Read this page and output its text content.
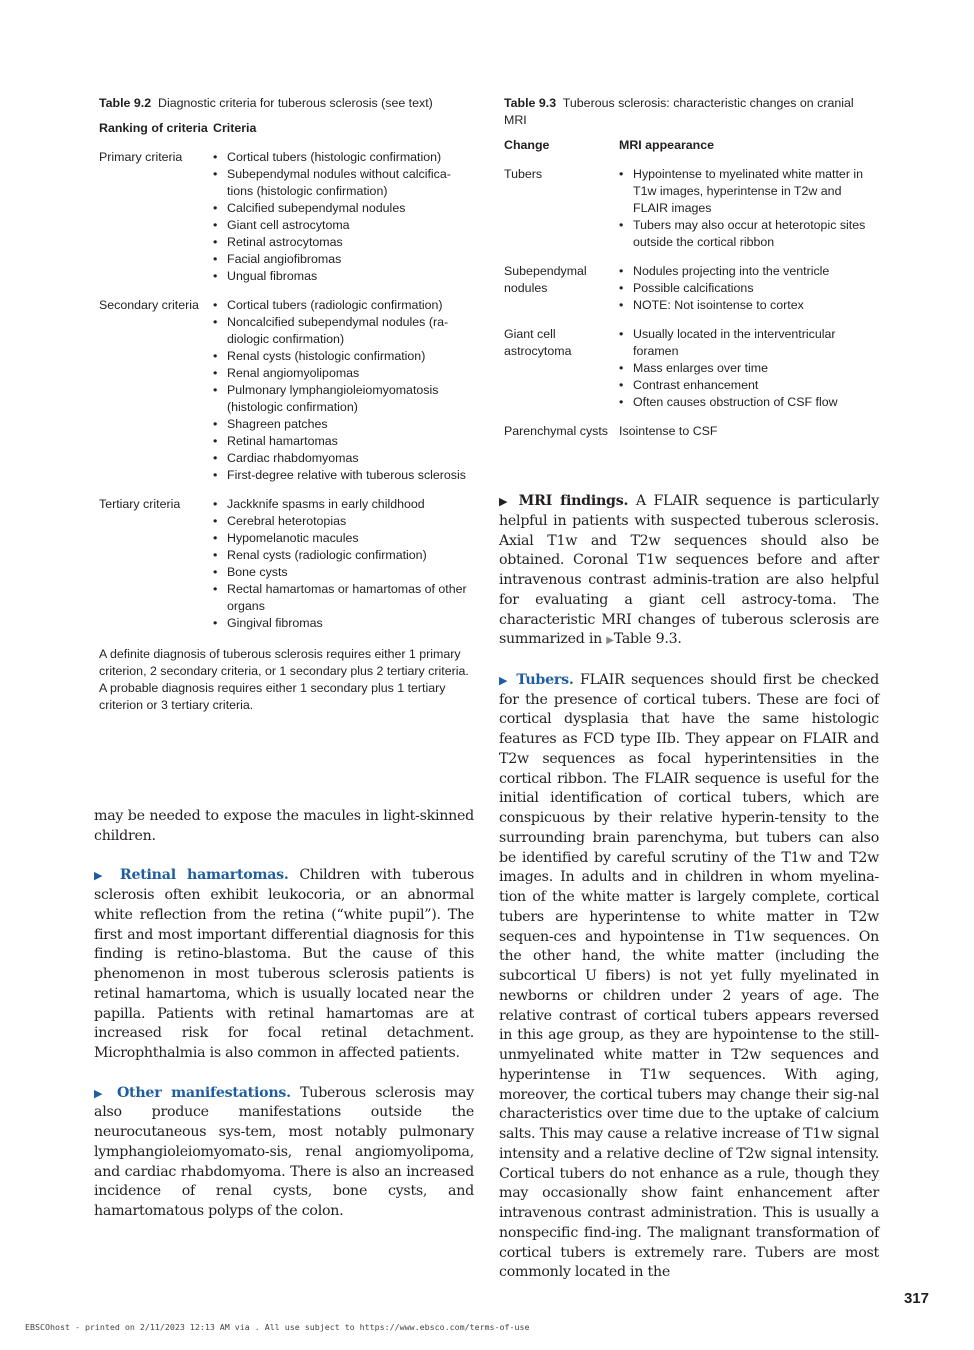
Table 9.2 Diagnostic criteria for tuberous sclerosis (see text)

Ranking of criteria Criteria
Primary criteria	• Cortical tubers (histologic confirmation)
• Subependymal nodules without calcifica-tions (histologic confirmation)
• Calcified subependymal nodules
• Giant cell astrocytoma
• Retinal astrocytomas
• Facial angiofibromas
• Ungual fibromas
Secondary criteria	• Cortical tubers (radiologic confirmation)
• Noncalcified subependymal nodules (ra-diologic confirmation)
• Renal cysts (histologic confirmation)
• Renal angiomyolipomas
• Pulmonary lymphangioleiomyomatosis (histologic confirmation)
• Shagreen patches
• Retinal hamartomas
• Cardiac rhabdomyomas
• First-degree relative with tuberous sclerosis
Tertiary criteria	• Jackknife spasms in early childhood
• Cerebral heterotopias
• Hypomelanotic macules
• Renal cysts (radiologic confirmation)
• Bone cysts
• Rectal hamartomas or hamartomas of other organs
• Gingival fibromas

A definite diagnosis of tuberous sclerosis requires either 1 primary criterion, 2 secondary criteria, or 1 secondary plus 2 tertiary criteria.

A probable diagnosis requires either 1 secondary plus 1 tertiary criterion or 3 tertiary criteria.

Table 9.3 Tuberous sclerosis: characteristic changes on cranial MRI

Change	MRI appearance
Tubers	• Hypointense to myelinated white matter in T1w images, hyperintense in T2w and FLAIR images
• Tubers may also occur at heterotopic sites outside the cortical ribbon
Subependymal nodules
• Nodules projecting into the ventricle
• Possible calcifications
• NOTE: Not isointense to cortex
Giant cell astrocytoma
• Usually located in the interventricular foramen
• Mass enlarges over time
• Contrast enhancement
• Often causes obstruction of CSF flow
Parenchymal cysts Isointense to CSF

may be needed to expose the macules in light-skinned children.

▶ Retinal hamartomas. Children with tuberous sclerosis often exhibit leukocoria, or an abnormal white reflection from the retina (“white pupil”). The first and most important differential diagnosis for this finding is retino-blastoma. But the cause of this phenomenon in most tuberous sclerosis patients is retinal hamartoma, which is usually located near the papilla. Patients with retinal hamartomas are at increased risk for focal retinal detachment. Microphthalmia is also common in affected patients.

▶ Other manifestations. Tuberous sclerosis may also produce manifestations outside the neurocutaneous sys-tem, most notably pulmonary lymphangioleiomyomato-sis, renal angiomyolipoma, and cardiac rhabdomyoma. There is also an increased incidence of renal cysts, bone cysts, and hamartomatous polyps of the colon.

▶ MRI findings. A FLAIR sequence is particularly helpful in patients with suspected tuberous sclerosis. Axial T1w and T2w sequences should also be obtained. Coronal T1w sequences before and after intravenous contrast adminis-tration are also helpful for evaluating a giant cell astrocy-toma. The characteristic MRI changes of tuberous sclerosis are summarized in ▶Table 9.3.

▶ Tubers. FLAIR sequences should first be checked for the presence of cortical tubers. These are foci of cortical dysplasia that have the same histologic features as FCD type IIb. They appear on FLAIR and T2w sequences as focal hyperintensities in the cortical ribbon. The FLAIR sequence is useful for the initial identification of cortical tubers, which are conspicuous by their relative hyperin-tensity to the surrounding brain parenchyma, but tubers can also be identified by careful scrutiny of the T1w and T2w images. In adults and in children in whom myelina-tion of the white matter is largely complete, cortical tubers are hyperintense to white matter in T2w sequen-ces and hypointense in T1w sequences. On the other hand, the white matter (including the subcortical U fibers) is not yet fully myelinated in newborns or children under 2 years of age. The relative contrast of cortical tubers appears reversed in this age group, as they are hypointense to the still-unmyelinated white matter in T2w sequences and hyperintense in T1w sequences. With aging, moreover, the cortical tubers may change their sig-nal characteristics over time due to the uptake of calcium salts. This may cause a relative increase of T1w signal intensity and a relative decline of T2w signal intensity. Cortical tubers do not enhance as a rule, though they may occasionally show faint enhancement after intravenous contrast administration. This is usually a nonspecific find-ing. The malignant transformation of cortical tubers is extremely rare. Tubers are most commonly located in the

317
EBSCOhost - printed on 2/11/2023 12:13 AM via . All use subject to https://www.ebsco.com/terms-of-use
